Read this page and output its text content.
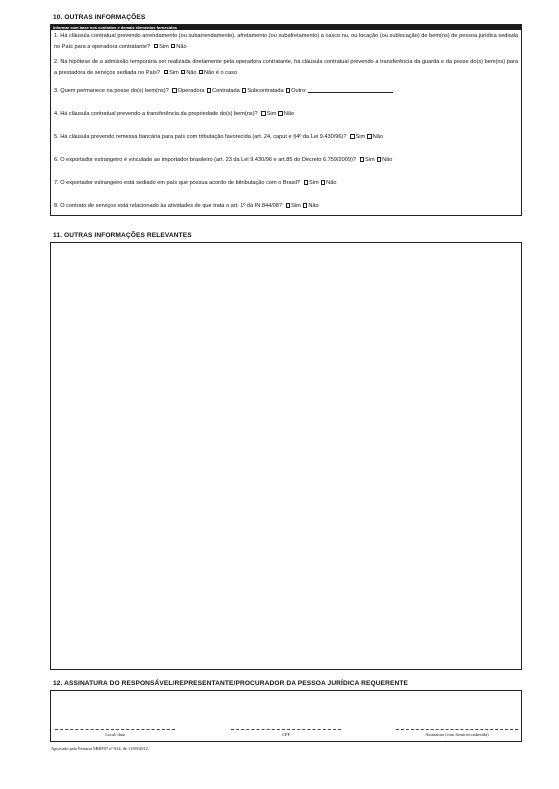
10. OUTRAS INFORMAÇÕES
Informar com base nos contratos e demais elementos fornecidos
1. Há cláusula contratual prevendo arrendamento (ou subarrendamento), afretamento (ou subafretamento) a casco nu, ou locação (ou sublocação) de bem(ns) de pessoa jurídica sediada no País para a operadora contratante? Sim Não
2. Na hipótese de a admissão temporária ser realizada diretamente pela operadora contratante, há cláusula contratual prevendo a transferência da guarda e da posse do(s) bem(ns) para a prestadora de serviços sediada no País? Sim Não Não é o caso
3. Quem permanece na posse do(s) bem(ns)? Operadora Contratada Subcontratada Outro:
4. Há cláusula contratual prevendo a transferência da propriedade do(s) bem(ns)? Sim Não
5. Há cláusula prevendo remessa bancária para país com tributação favorecida (art. 24, caput e §4º da Lei 9.430/96)? Sim Não
6. O exportador estrangeiro é vinculado ao importador brasileiro (art. 23 da Lei 9.430/96 e art.85 do Decreto 6.759/2009)? Sim Não
7. O exportador estrangeiro está sediado em país que possua acordo de bitributação com o Brasil? Sim Não
8. O contrato de serviços está relacionado às atividades de que trata o art. 1º da IN 844/08? Sim Não
11. OUTRAS INFORMAÇÕES RELEVANTES
12. ASSINATURA DO RESPONSÁVEL/REPRESENTANTE/PROCURADOR DA PESSOA JURÍDICA REQUERENTE
Local/ data	CPF	Assinatura (com firma reconhecida)
Aprovado pela Portaria SRRF07 nº 634, de 11/09/2012.
